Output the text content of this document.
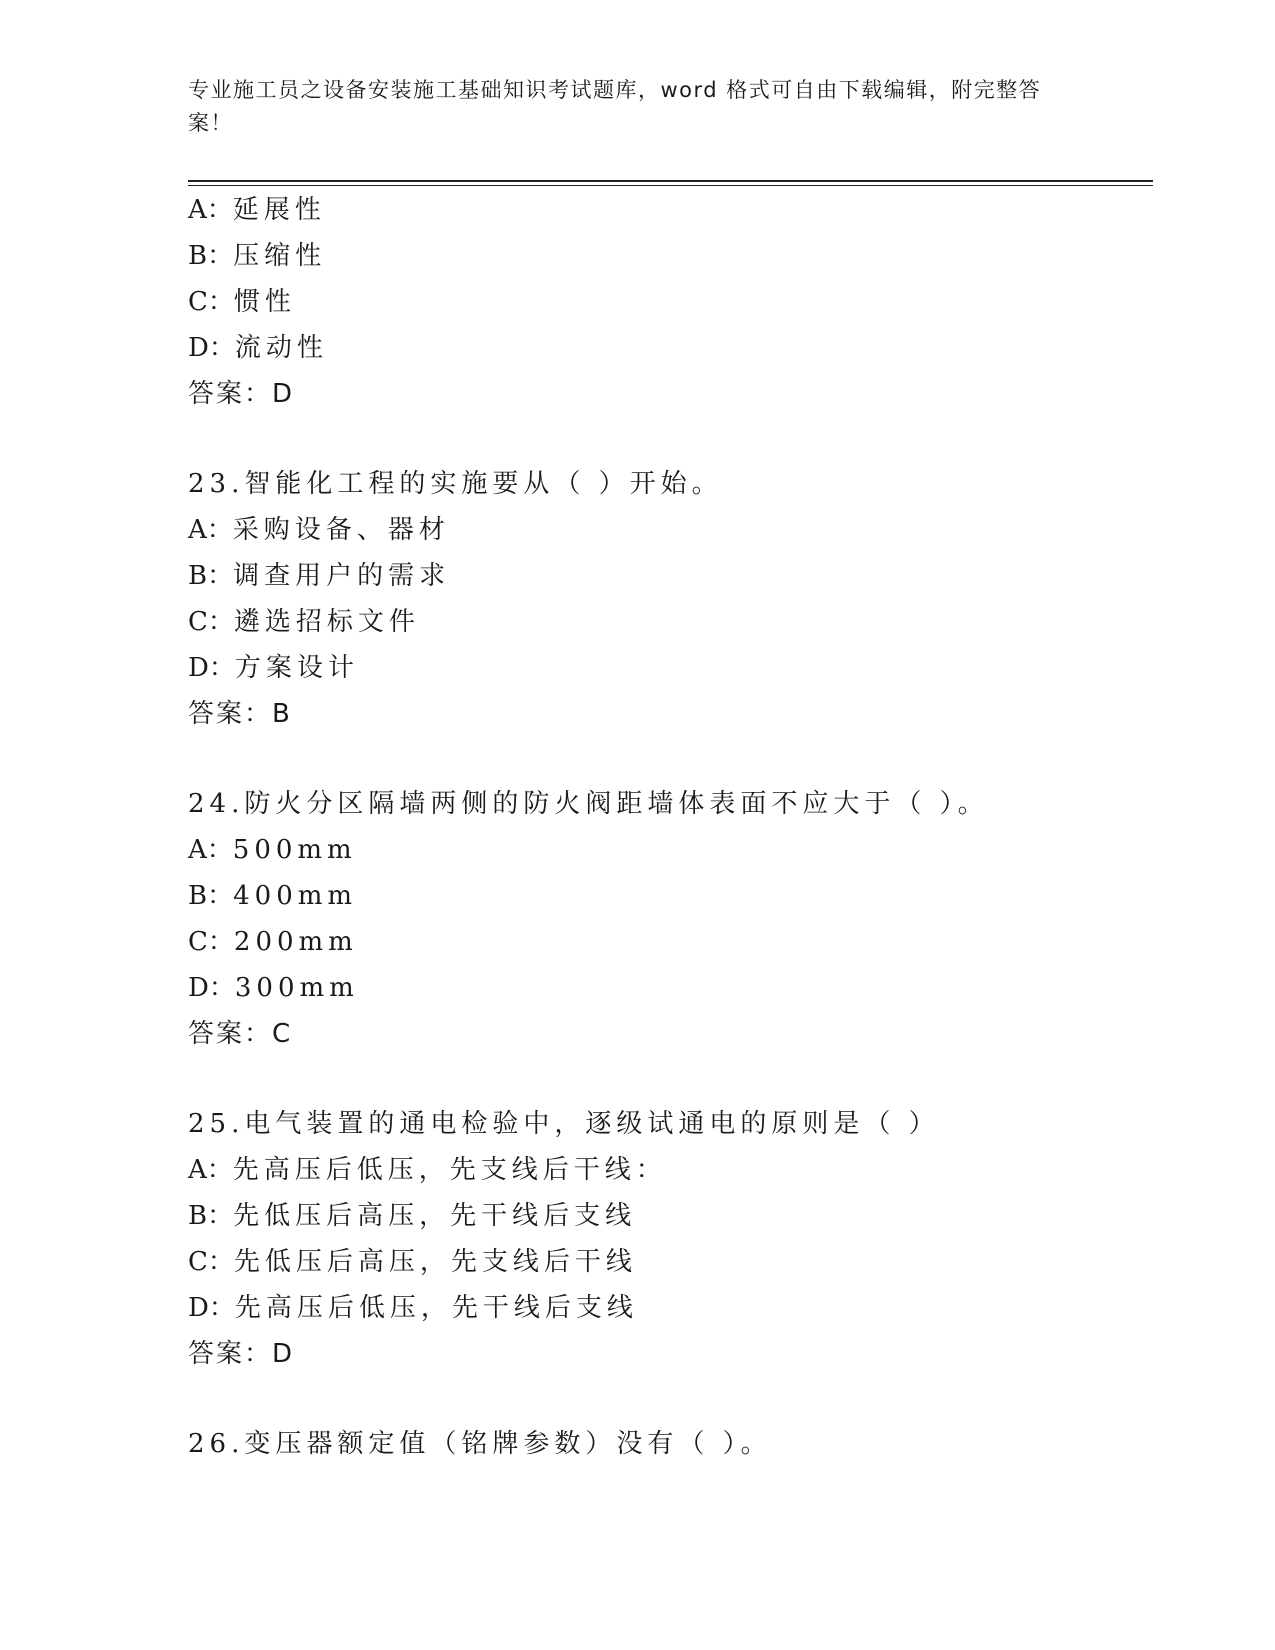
专业施工员之设备安装施工基础知识考试题库，word 格式可自由下载编辑，附完整答案！

A：延展性

B：压缩性

C：惯性

D：流动性

答案：D

23.智能化工程的实施要从（ ）开始。

A：采购设备、器材

B：调查用户的需求

C：遴选招标文件

D：方案设计

答案：B

24.防火分区隔墙两侧的防火阀距墙体表面不应大于（ ）。

A：500mm

B：400mm

C：200mm

D：300mm

答案：C

25.电气装置的通电检验中，逐级试通电的原则是（ ）

A：先高压后低压，先支线后干线：

B：先低压后高压，先干线后支线

C：先低压后高压，先支线后干线

D：先高压后低压，先干线后支线

答案：D

26.变压器额定值（铭牌参数）没有（ ）。
